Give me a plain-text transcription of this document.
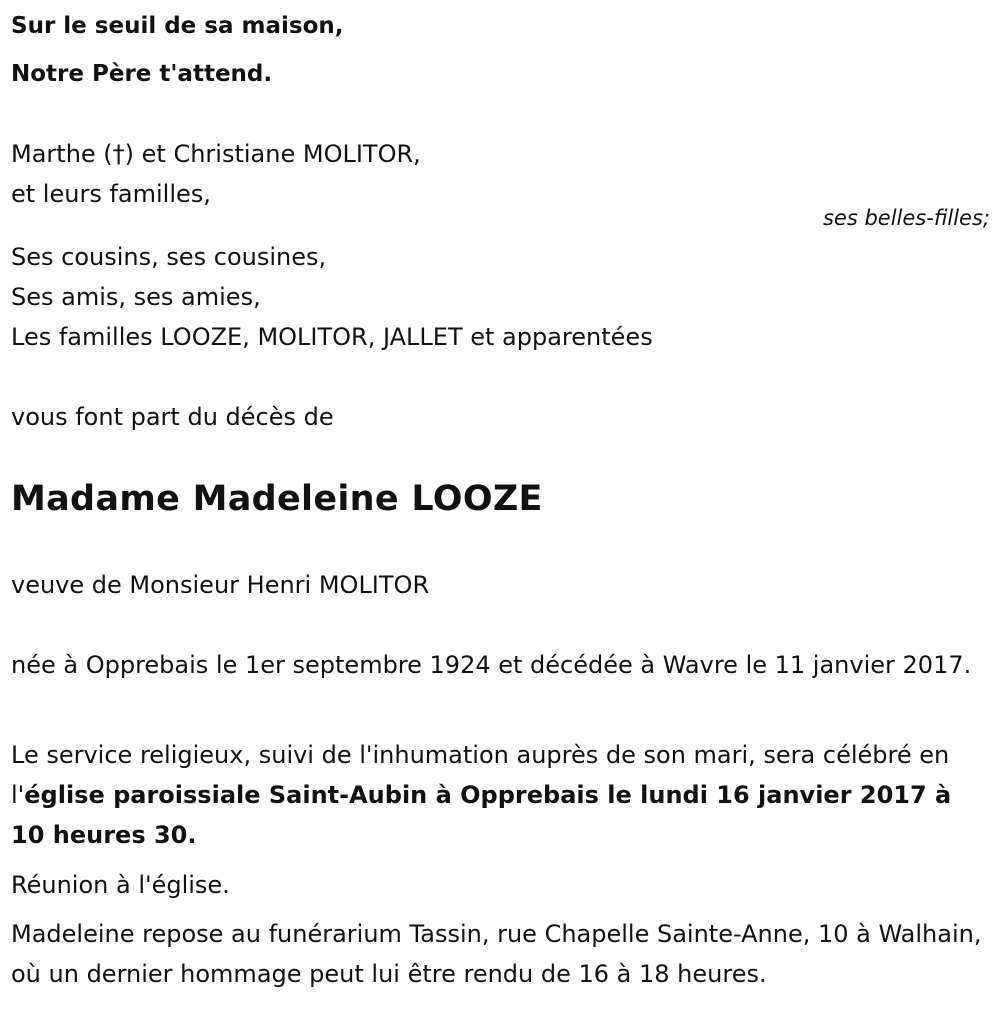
Sur le seuil de sa maison,
Notre Père t'attend.
Marthe (†) et Christiane MOLITOR,
et leurs familles,
Ses cousins, ses cousines,
Ses amis, ses amies,
Les familles LOOZE, MOLITOR, JALLET et apparentées
vous font part du décès de
Madame Madeleine LOOZE
veuve de Monsieur Henri MOLITOR
née à Opprebais le 1er septembre 1924 et décédée à Wavre le 11 janvier 2017.
Le service religieux, suivi de l'inhumation auprès de son mari, sera célébré en l'église paroissiale Saint-Aubin à Opprebais le lundi 16 janvier 2017 à 10 heures 30.
Réunion à l'église.
Madeleine repose au funérarium Tassin, rue Chapelle Sainte-Anne, 10 à Walhain, où un dernier hommage peut lui être rendu de 16 à 18 heures.
ses belles-filles;
